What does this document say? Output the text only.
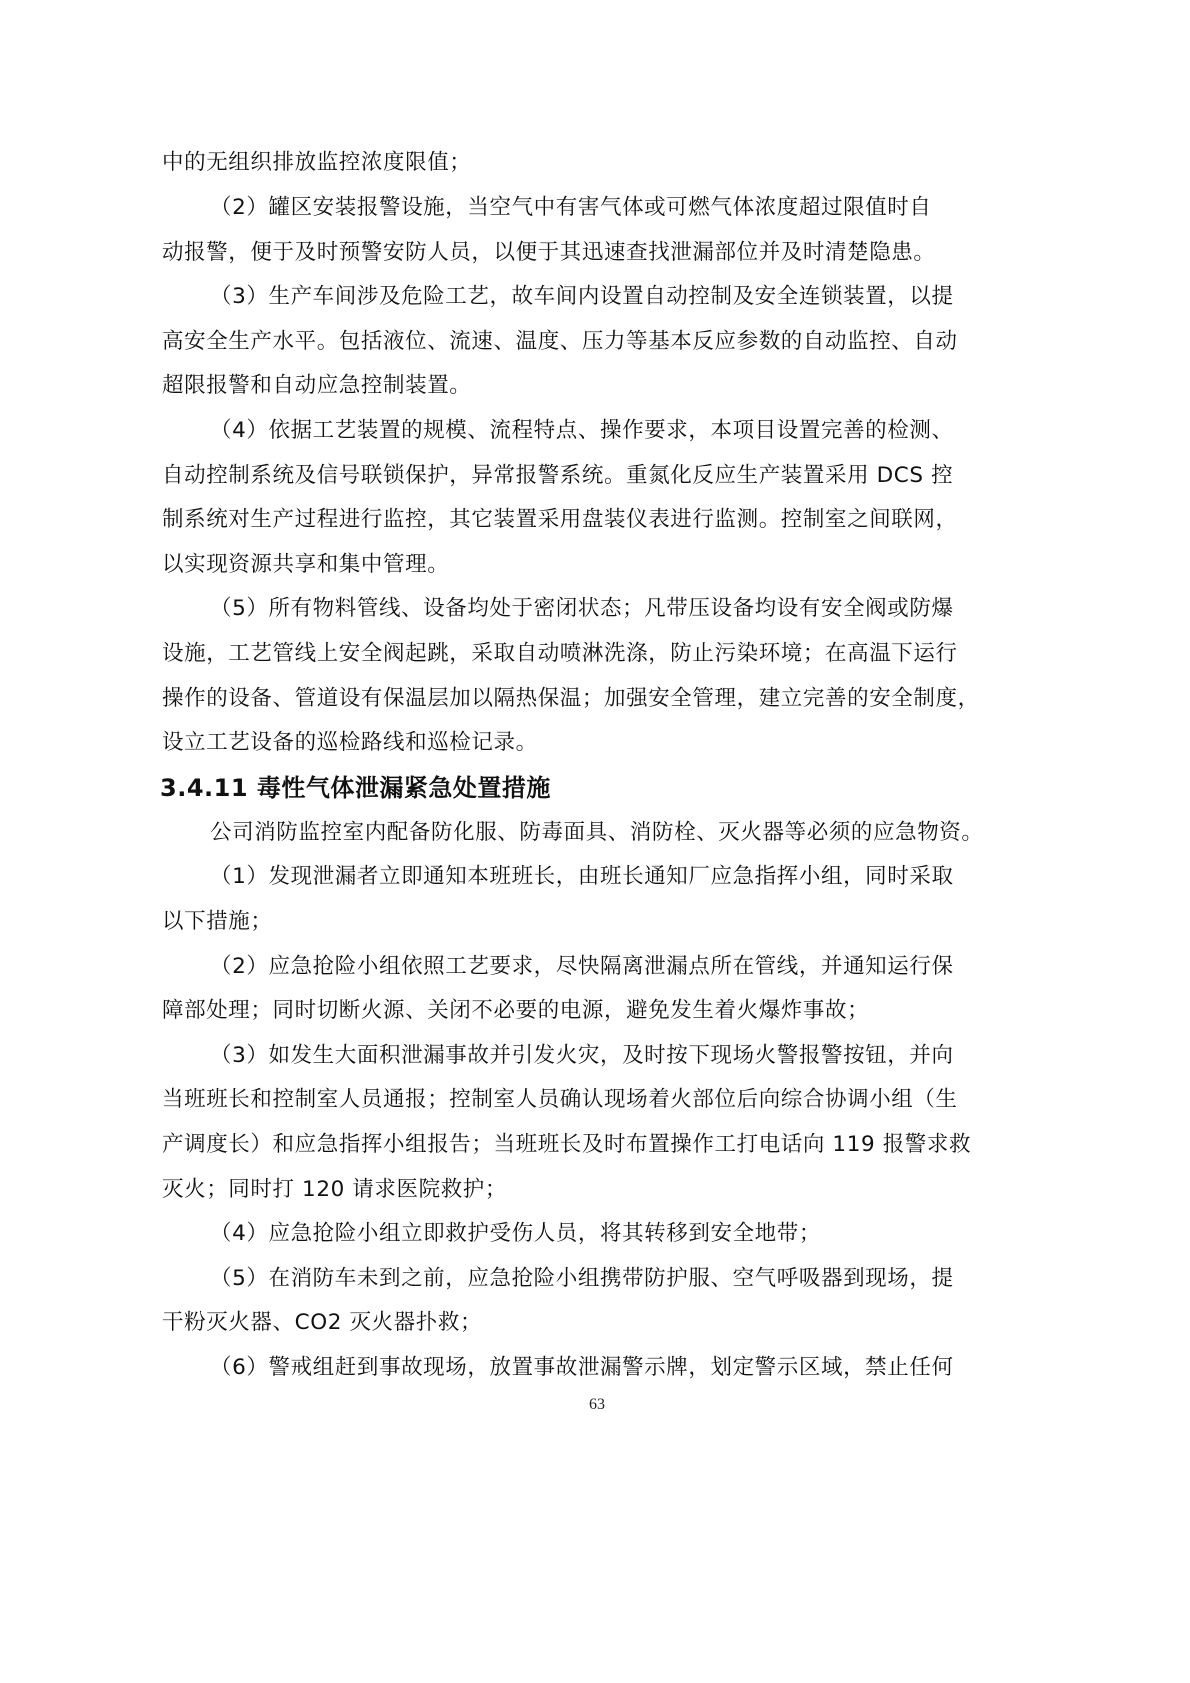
中的无组织排放监控浓度限值；
（2）罐区安装报警设施，当空气中有害气体或可燃气体浓度超过限值时自
动报警，便于及时预警安防人员，以便于其迅速查找泄漏部位并及时清楚隐患。
（3）生产车间涉及危险工艺，故车间内设置自动控制及安全连锁装置，以提
高安全生产水平。包括液位、流速、温度、压力等基本反应参数的自动监控、自动
超限报警和自动应急控制装置。
（4）依据工艺装置的规模、流程特点、操作要求，本项目设置完善的检测、
自动控制系统及信号联锁保护，异常报警系统。重氮化反应生产装置采用 DCS 控
制系统对生产过程进行监控，其它装置采用盘装仪表进行监测。控制室之间联网，
以实现资源共享和集中管理。
（5）所有物料管线、设备均处于密闭状态；凡带压设备均设有安全阀或防爆
设施，工艺管线上安全阀起跳，采取自动喷淋洗涤，防止污染环境；在高温下运行
操作的设备、管道设有保温层加以隔热保温；加强安全管理，建立完善的安全制度，
设立工艺设备的巡检路线和巡检记录。
3.4.11 毒性气体泄漏紧急处置措施
公司消防监控室内配备防化服、防毒面具、消防栓、灭火器等必须的应急物资。
（1）发现泄漏者立即通知本班班长，由班长通知厂应急指挥小组，同时采取
以下措施；
（2）应急抢险小组依照工艺要求，尽快隔离泄漏点所在管线，并通知运行保
障部处理；同时切断火源、关闭不必要的电源，避免发生着火爆炸事故；
（3）如发生大面积泄漏事故并引发火灾，及时按下现场火警报警按钮，并向
当班班长和控制室人员通报；控制室人员确认现场着火部位后向综合协调小组（生
产调度长）和应急指挥小组报告；当班班长及时布置操作工打电话向 119 报警求救
灭火；同时打 120 请求医院救护；
（4）应急抢险小组立即救护受伤人员，将其转移到安全地带；
（5）在消防车未到之前，应急抢险小组携带防护服、空气呼吸器到现场，提
干粉灭火器、CO2 灭火器扑救；
（6）警戒组赶到事故现场，放置事故泄漏警示牌，划定警示区域，禁止任何
63
